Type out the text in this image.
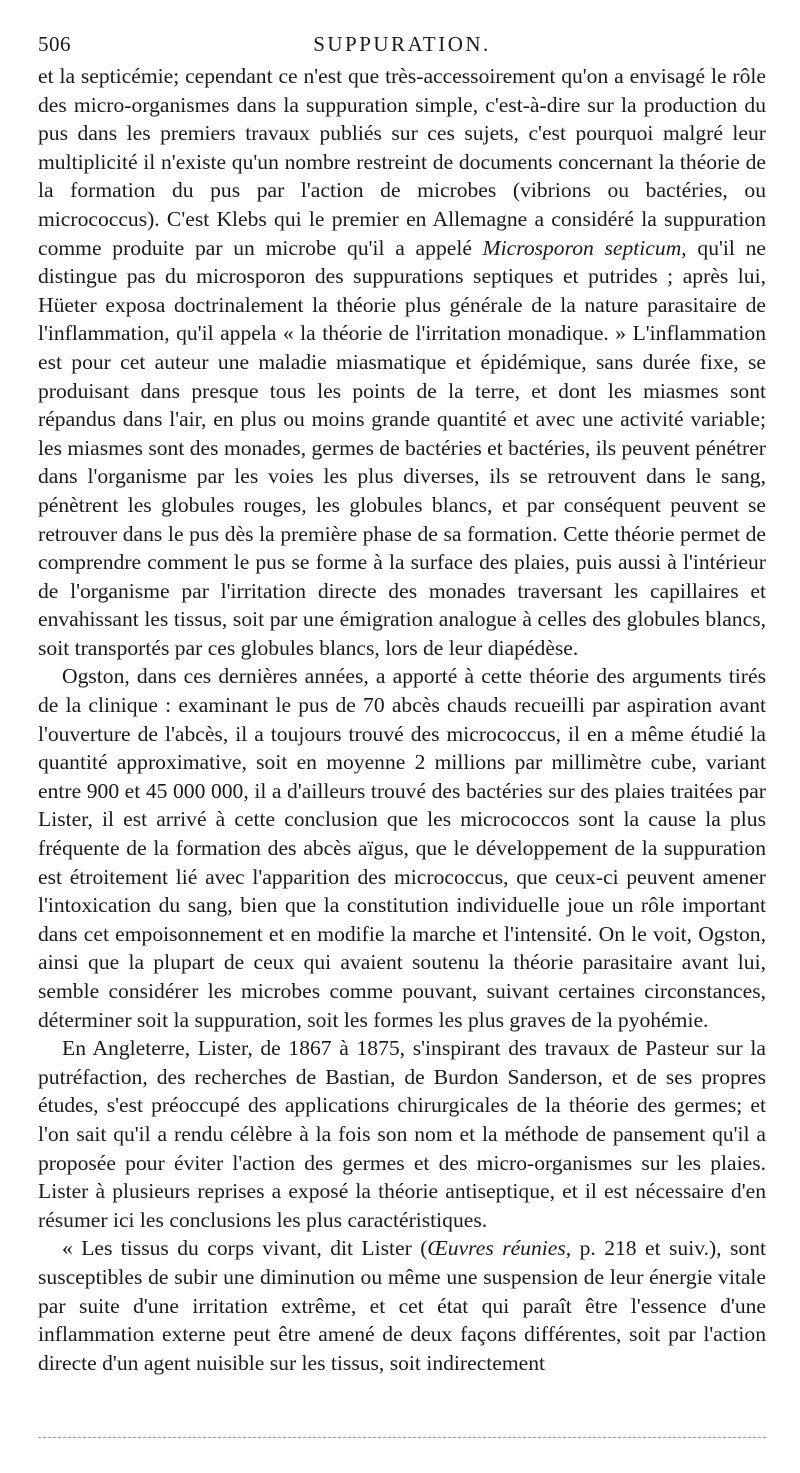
506	SUPPURATION.

et la septicémie; cependant ce n'est que très-accessoirement qu'on a envisagé le rôle des micro-organismes dans la suppuration simple, c'est-à-dire sur la production du pus dans les premiers travaux publiés sur ces sujets, c'est pourquoi malgré leur multiplicité il n'existe qu'un nombre restreint de documents concernant la théorie de la formation du pus par l'action de microbes (vibrions ou bactéries, ou micrococcus). C'est Klebs qui le premier en Allemagne a considéré la suppuration comme produite par un microbe qu'il a appelé Microsporon septicum, qu'il ne distingue pas du microsporon des suppurations septiques et putrides ; après lui, Hüeter exposa doctrinalement la théorie plus générale de la nature parasitaire de l'inflammation, qu'il appela « la théorie de l'irritation monadique. » L'inflammation est pour cet auteur une maladie miasmatique et épidémique, sans durée fixe, se produisant dans presque tous les points de la terre, et dont les miasmes sont répandus dans l'air, en plus ou moins grande quantité et avec une activité variable; les miasmes sont des monades, germes de bactéries et bactéries, ils peuvent pénétrer dans l'organisme par les voies les plus diverses, ils se retrouvent dans le sang, pénètrent les globules rouges, les globules blancs, et par conséquent peuvent se retrouver dans le pus dès la première phase de sa formation. Cette théorie permet de comprendre comment le pus se forme à la surface des plaies, puis aussi à l'intérieur de l'organisme par l'irritation directe des monades traversant les capillaires et envahissant les tissus, soit par une émigration analogue à celles des globules blancs, soit transportés par ces globules blancs, lors de leur diapédèse.

Ogston, dans ces dernières années, a apporté à cette théorie des arguments tirés de la clinique : examinant le pus de 70 abcès chauds recueilli par aspiration avant l'ouverture de l'abcès, il a toujours trouvé des micrococcus, il en a même étudié la quantité approximative, soit en moyenne 2 millions par millimètre cube, variant entre 900 et 45 000 000, il a d'ailleurs trouvé des bactéries sur des plaies traitées par Lister, il est arrivé à cette conclusion que les micrococcos sont la cause la plus fréquente de la formation des abcès aïgus, que le développement de la suppuration est étroitement lié avec l'apparition des micrococcus, que ceux-ci peuvent amener l'intoxication du sang, bien que la constitution individuelle joue un rôle important dans cet empoisonnement et en modifie la marche et l'intensité. On le voit, Ogston, ainsi que la plupart de ceux qui avaient soutenu la théorie parasitaire avant lui, semble considérer les microbes comme pouvant, suivant certaines circonstances, déterminer soit la suppuration, soit les formes les plus graves de la pyohémie.

En Angleterre, Lister, de 1867 à 1875, s'inspirant des travaux de Pasteur sur la putréfaction, des recherches de Bastian, de Burdon Sanderson, et de ses propres études, s'est préoccupé des applications chirurgicales de la théorie des germes; et l'on sait qu'il a rendu célèbre à la fois son nom et la méthode de pansement qu'il a proposée pour éviter l'action des germes et des micro-organismes sur les plaies. Lister à plusieurs reprises a exposé la théorie antiseptique, et il est nécessaire d'en résumer ici les conclusions les plus caractéristiques.

« Les tissus du corps vivant, dit Lister (Œuvres réunies, p. 218 et suiv.), sont susceptibles de subir une diminution ou même une suspension de leur énergie vitale par suite d'une irritation extrême, et cet état qui paraît être l'essence d'une inflammation externe peut être amené de deux façons différentes, soit par l'action directe d'un agent nuisible sur les tissus, soit indirectement
